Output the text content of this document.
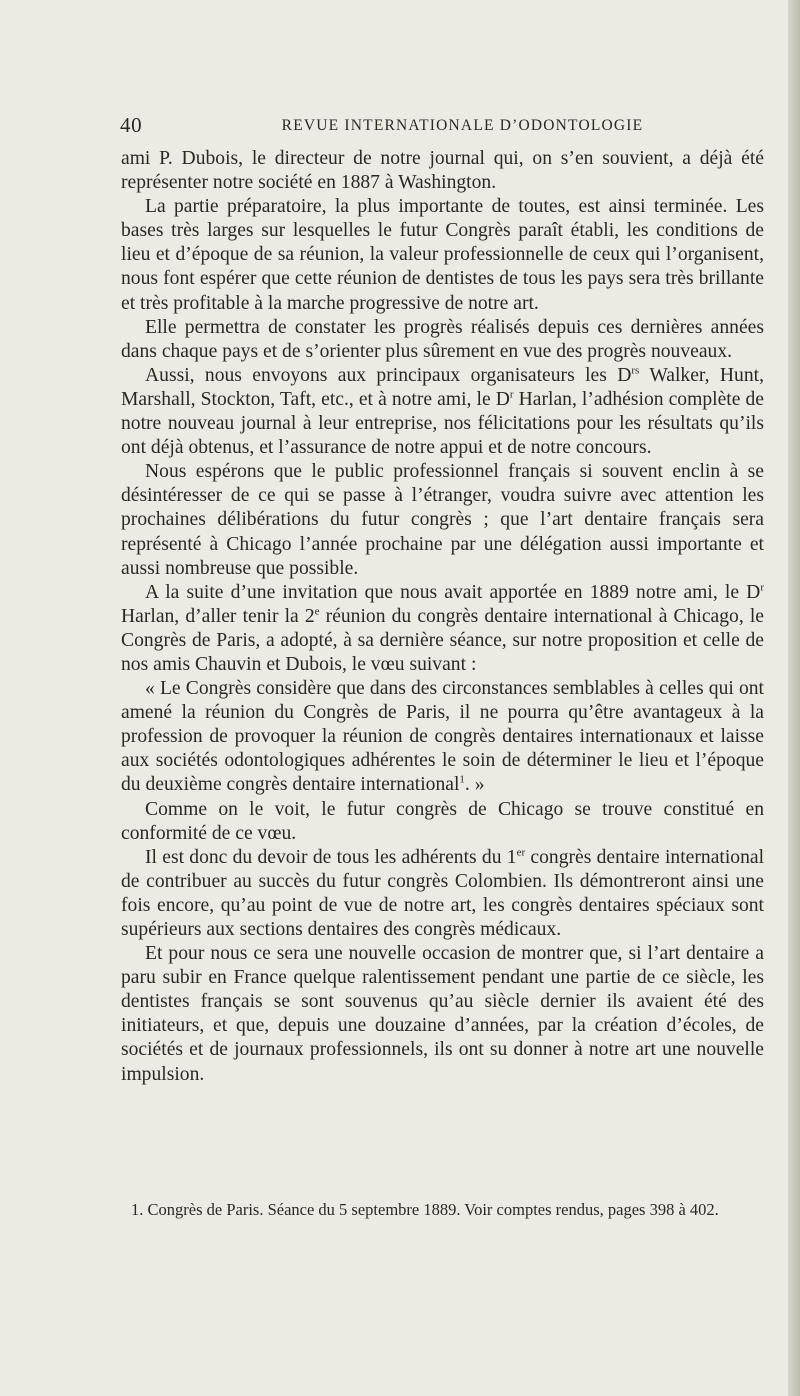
40	REVUE INTERNATIONALE D’ODONTOLOGIE

ami P. Dubois, le directeur de notre journal qui, on s’en souvient, a déjà été représenter notre société en 1887 à Washington.

La partie préparatoire, la plus importante de toutes, est ainsi terminée. Les bases très larges sur lesquelles le futur Congrès paraît établi, les conditions de lieu et d’époque de sa réunion, la valeur professionnelle de ceux qui l’organisent, nous font espérer que cette réunion de dentistes de tous les pays sera très brillante et très profitable à la marche progressive de notre art.

Elle permettra de constater les progrès réalisés depuis ces dernières années dans chaque pays et de s’orienter plus sûrement en vue des progrès nouveaux.

Aussi, nous envoyons aux principaux organisateurs les $D^{rs}$ Walker, Hunt, Marshall, Stockton, Taft, etc., et à notre ami, le $D^r$ Harlan, l’adhésion complète de notre nouveau journal à leur entreprise, nos félicitations pour les résultats qu’ils ont déjà obtenus, et l’assurance de notre appui et de notre concours.

Nous espérons que le public professionnel français si souvent enclin à se désintéresser de ce qui se passe à l’étranger, voudra suivre avec attention les prochaines délibérations du futur congrès ; que l’art dentaire français sera représenté à Chicago l’année prochaine par une délégation aussi importante et aussi nombreuse que possible.

A la suite d’une invitation que nous avait apportée en 1889 notre ami, le $D^r$ Harlan, d’aller tenir la 2e réunion du congrès dentaire international à Chicago, le Congrès de Paris, a adopté, à sa dernière séance, sur notre proposition et celle de nos amis Chauvin et Dubois, le vœu suivant :

« Le Congrès considère que dans des circonstances semblables à celles qui ont amené la réunion du Congrès de Paris, il ne pourra qu’être avantageux à la profession de provoquer la réunion de congrès dentaires internationaux et laisse aux sociétés odontologiques adhérentes le soin de déterminer le lieu et l’époque du deuxième congrès dentaire international$^1$. »

Comme on le voit, le futur congrès de Chicago se trouve constitué en conformité de ce vœu.

Il est donc du devoir de tous les adhérents du 1er congrès dentaire international de contribuer au succès du futur congrès Colombien. Ils démontreront ainsi une fois encore, qu’au point de vue de notre art, les congrès dentaires spéciaux sont supérieurs aux sections dentaires des congrès médicaux.

Et pour nous ce sera une nouvelle occasion de montrer que, si l’art dentaire a paru subir en France quelque ralentissement pendant une partie de ce siècle, les dentistes français se sont souvenus qu’au siècle dernier ils avaient été des initiateurs, et que, depuis une douzaine d’années, par la création d’écoles, de sociétés et de journaux professionnels, ils ont su donner à notre art une nouvelle impulsion.

1. Congrès de Paris. Séance du 5 septembre 1889. Voir comptes rendus, pages 398 à 402.
